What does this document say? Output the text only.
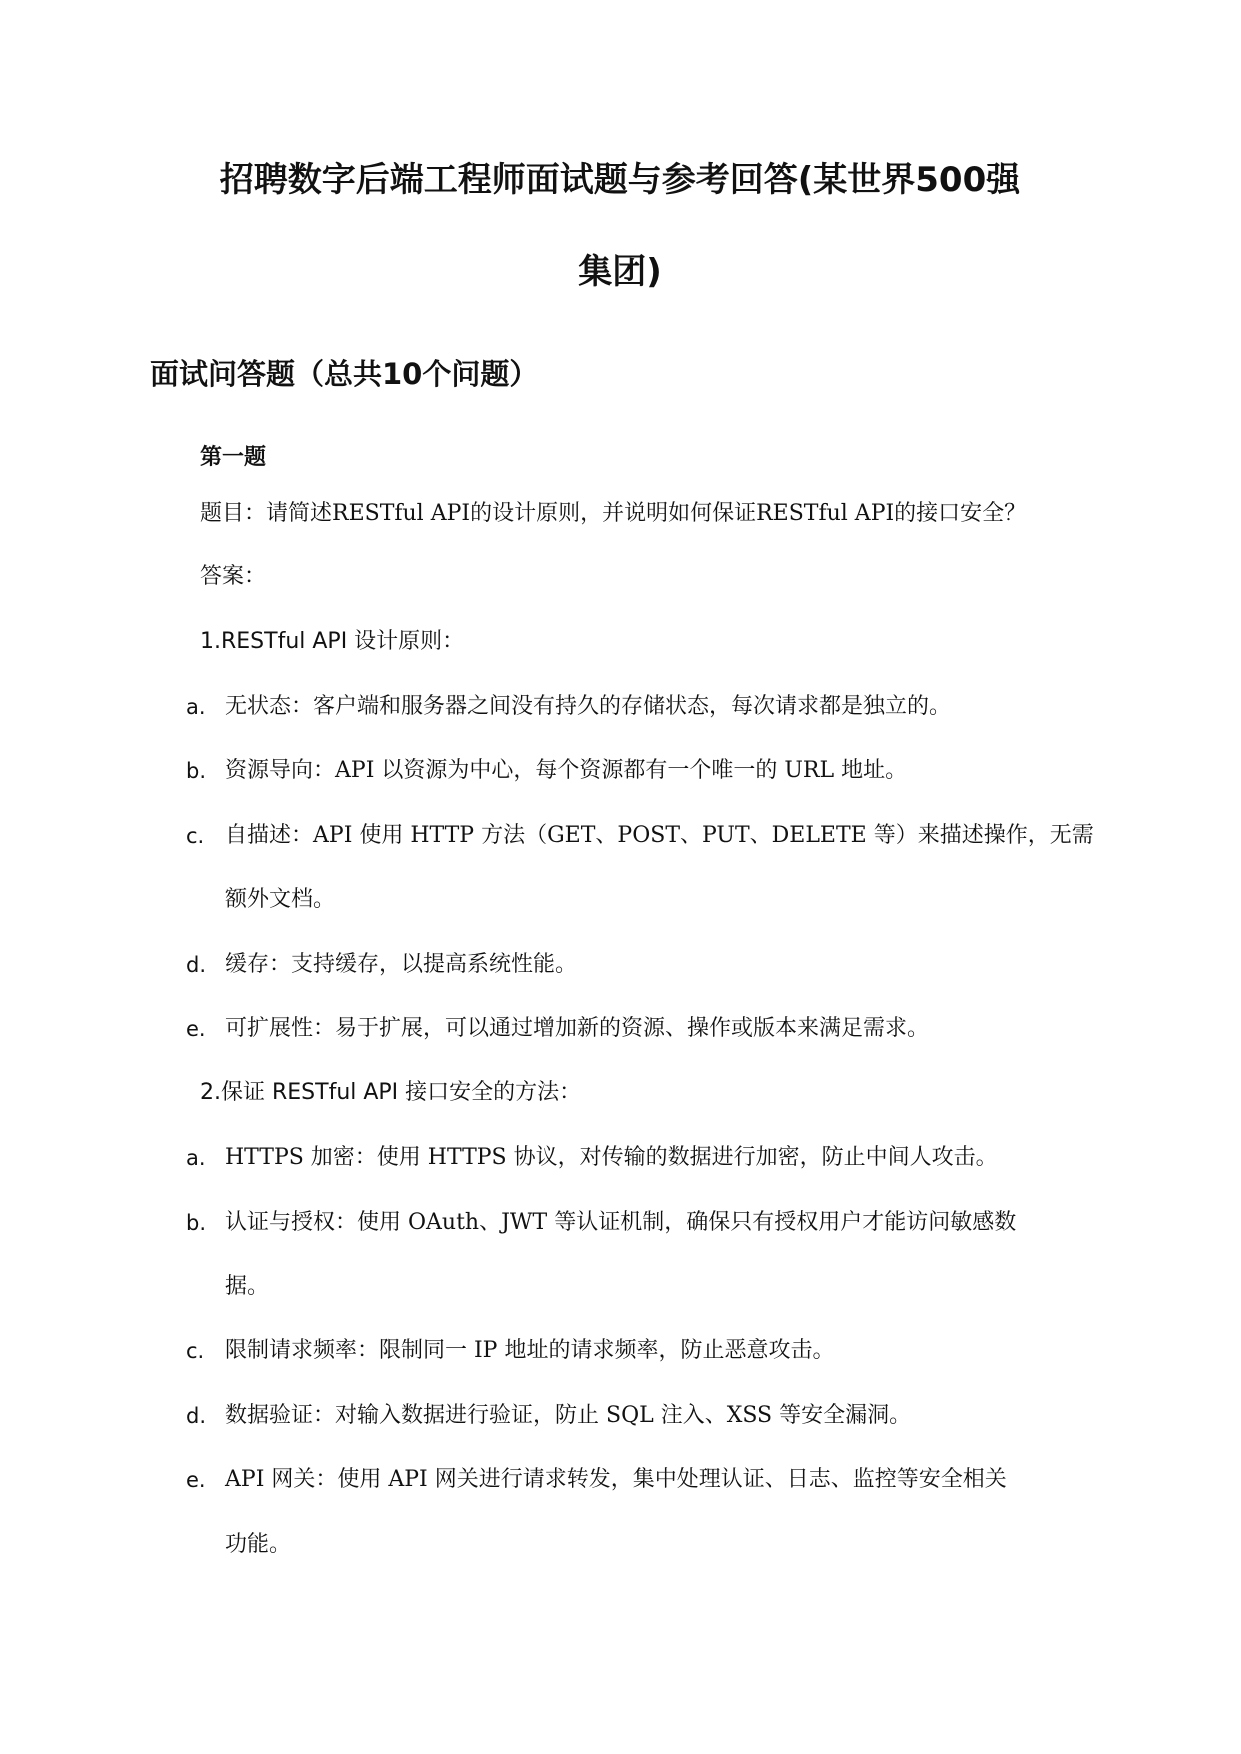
招聘数字后端工程师面试题与参考回答(某世界500强
集团)
面试问答题（总共10个问题）
第一题
题目：请简述RESTful API的设计原则，并说明如何保证RESTful API的接口安全？
答案：
1.RESTful API 设计原则：
a. 无状态：客户端和服务器之间没有持久的存储状态，每次请求都是独立的。
b. 资源导向：API 以资源为中心，每个资源都有一个唯一的 URL 地址。
c. 自描述：API 使用 HTTP 方法（GET、POST、PUT、DELETE 等）来描述操作，无需
额外文档。
d. 缓存：支持缓存，以提高系统性能。
e. 可扩展性：易于扩展，可以通过增加新的资源、操作或版本来满足需求。
2.保证 RESTful API 接口安全的方法：
a. HTTPS 加密：使用 HTTPS 协议，对传输的数据进行加密，防止中间人攻击。
b. 认证与授权：使用 OAuth、JWT 等认证机制，确保只有授权用户才能访问敏感数
据。
c. 限制请求频率：限制同一 IP 地址的请求频率，防止恶意攻击。
d. 数据验证：对输入数据进行验证，防止 SQL 注入、XSS 等安全漏洞。
e. API 网关：使用 API 网关进行请求转发，集中处理认证、日志、监控等安全相关
功能。
